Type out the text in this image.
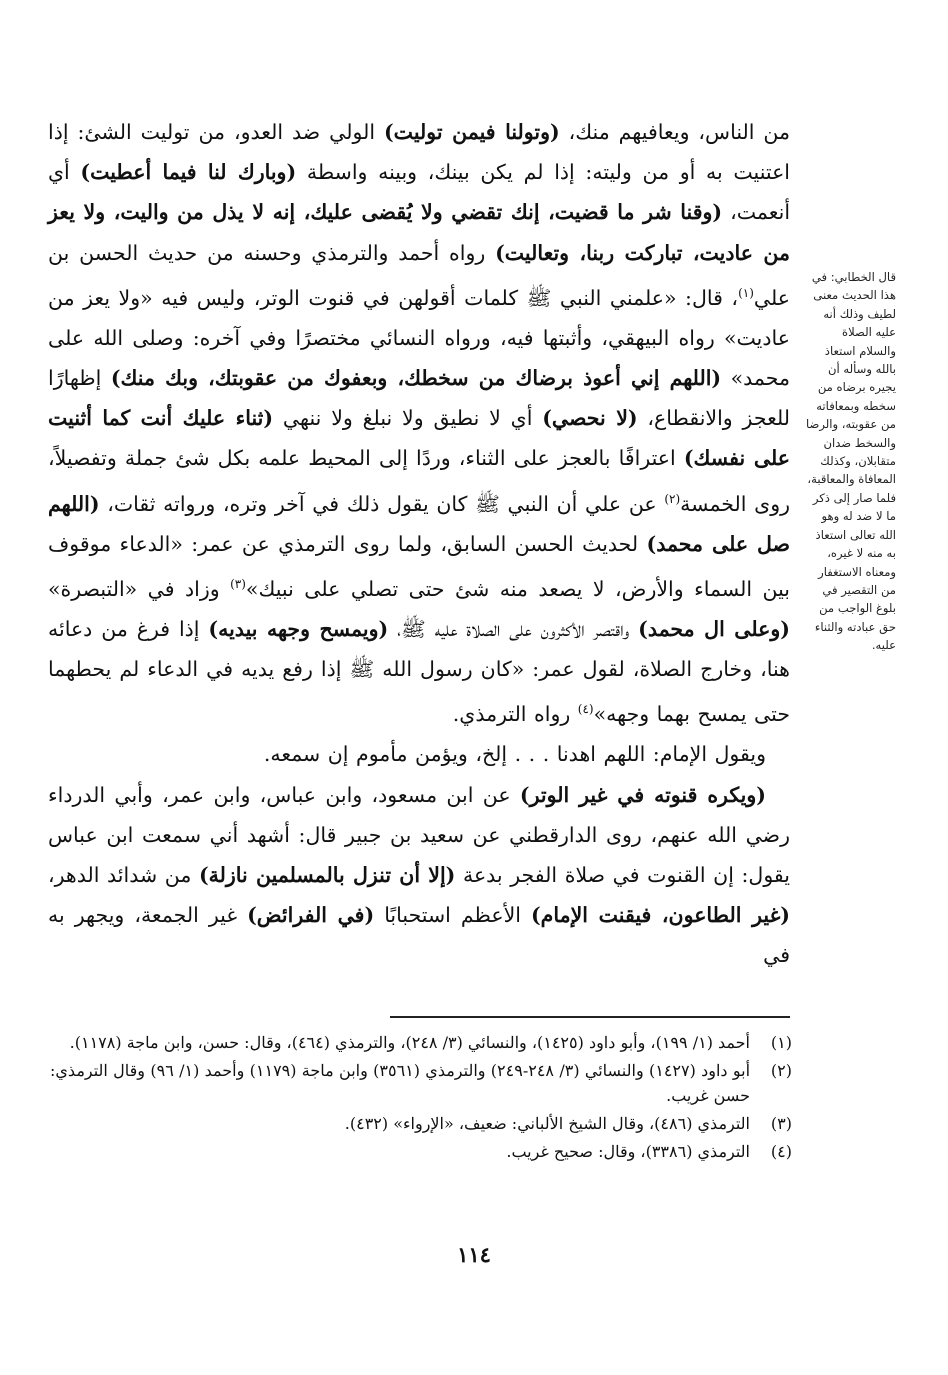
من الناس، ويعافيهم منك، (وتولنا فيمن توليت) الولي ضد العدو، من توليت الشئ: إذا اعتنيت به أو من وليته: إذا لم يكن بينك، وبينه واسطة (وبارك لنا فيما أعطيت) أي أنعمت، (وقنا شر ما قضيت، إنك تقضي ولا يُقضى عليك، إنه لا يذل من واليت، ولا يعز من عاديت، تباركت ربنا، وتعاليت) رواه أحمد والترمذي وحسنه من حديث الحسن بن علي$^{(١)}$، قال: «علمني النبي ﷺ كلمات أقولهن في قنوت الوتر، وليس فيه «ولا يعز من عاديت» رواه البيهقي، وأثبتها فيه، ورواه النسائي مختصرًا وفي آخره: وصلى الله على محمد» (اللهم إني أعوذ برضاك من سخطك، وبعفوك من عقوبتك، وبك منك) إظهارًا للعجز والانقطاع، (لا نحصي) أي لا نطيق ولا نبلغ ولا ننهي (ثناء عليك أنت كما أثنيت على نفسك) اعترافًا بالعجز على الثناء، وردًا إلى المحيط علمه بكل شئ جملة وتفصيلاً، روى الخمسة$^{(٢)}$ عن علي أن النبي ﷺ كان يقول ذلك في آخر وتره، ورواته ثقات، (اللهم صل على محمد) لحديث الحسن السابق، ولما روى الترمذي عن عمر: «الدعاء موقوف بين السماء والأرض، لا يصعد منه شئ حتى تصلي على نبيك»$^{(٣)}$ وزاد في «التبصرة» (وعلى ال محمد) واقتصر الأكثرون على الصلاة عليه ﷺ، (ويمسح وجهه بيديه) إذا فرغ من دعائه هنا، وخارج الصلاة، لقول عمر: «كان رسول الله ﷺ إذا رفع يديه في الدعاء لم يحطهما حتى يمسح بهما وجهه»$^{(٤)}$ رواه الترمذي.

ويقول الإمام: اللهم اهدنا . . . إلخ، ويؤمن مأموم إن سمعه.

(ويكره قنوته في غير الوتر) عن ابن مسعود، وابن عباس، وابن عمر، وأبي الدرداء رضي الله عنهم، روى الدارقطني عن سعيد بن جبير قال: أشهد أني سمعت ابن عباس يقول: إن القنوت في صلاة الفجر بدعة (إلا أن تنزل بالمسلمين نازلة) من شدائد الدهر، (غير الطاعون، فيقنت الإمام) الأعظم استحبابًا (في الفرائض) غير الجمعة، ويجهر به في

قال الخطابي: في هذا الحديث معنى لطيف وذلك أنه عليه الصلاة والسلام استعاذ بالله وسأله أن يجيره برضاه من سخطه وبمعافاته من عقوبته، والرضا والسخط ضدان متقابلان، وكذلك المعافاة والمعاقبة، فلما صار إلى ذكر ما لا ضد له وهو الله تعالى استعاذ به منه لا غيره، ومعناه الاستغفار من التقصير في بلوغ الواجب من حق عبادته والثناء عليه.
(١)
أحمد (١/ ١٩٩)، وأبو داود (١٤٢٥)، والنسائي (٣/ ٢٤٨)، والترمذي (٤٦٤)، وقال: حسن، وابن ماجة (١١٧٨).
(٢)
أبو داود (١٤٢٧) والنسائي (٣/ ٢٤٨-٢٤٩) والترمذي (٣٥٦١) وابن ماجة (١١٧٩) وأحمد (١/ ٩٦) وقال الترمذي: حسن غريب.
(٣)
الترمذي (٤٨٦)، وقال الشيخ الألباني: ضعيف، «الإرواء» (٤٣٢).
(٤)
الترمذي (٣٣٨٦)، وقال: صحيح غريب.
١١٤
